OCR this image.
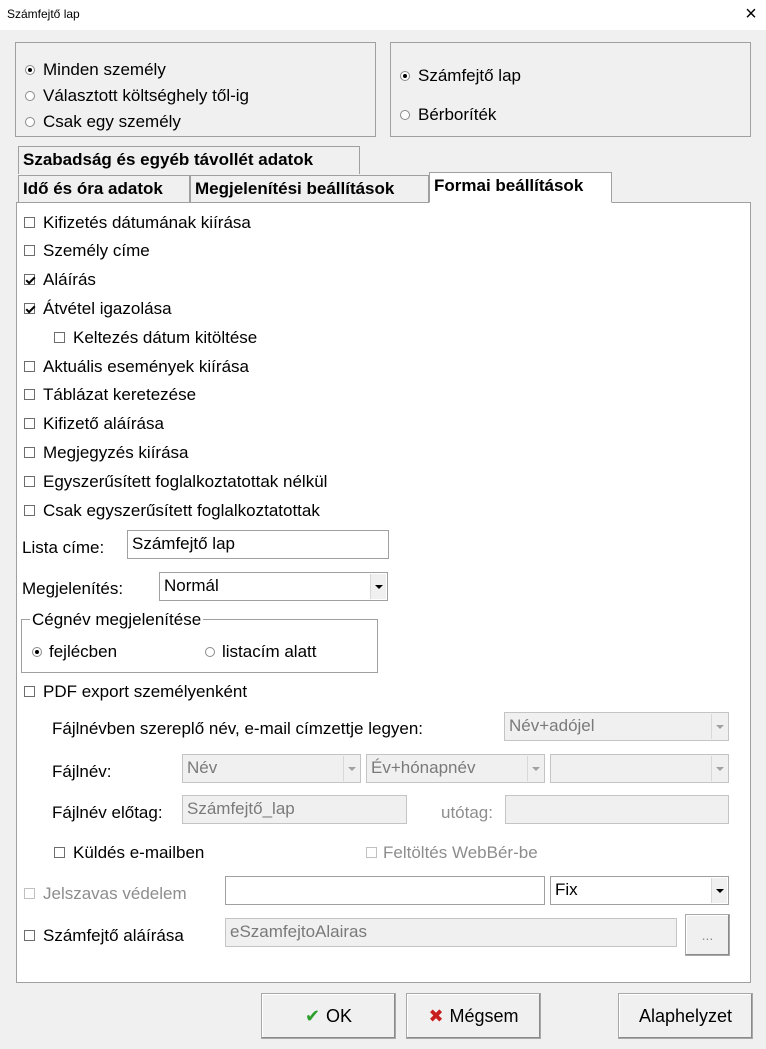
Számfejtő lap	×
Minden személy
Választott költséghely től-ig
Csak egy személy
Számfejtő lap
Bérboríték
Szabadság és egyéb távollét adatok
Idő és óra adatok	Megjelenítési beállítások	Formai beállítások
Kifizetés dátumának kiírása
Személy címe
Aláírás
Átvétel igazolása
Keltezés dátum kitöltése
Aktuális események kiírása
Táblázat keretezése
Kifizető aláírása
Megjegyzés kiírása
Egyszerűsített foglalkoztatottak nélkül
Csak egyszerűsített foglalkoztatottak
Lista címe: Számfejtő lap
Megjelenítés: Normál
Cégnév megjelenítése
fejlécben	listacím alatt
PDF export személyenként
Fájlnévben szereplő név, e-mail címzettje legyen:	Név+adójel
Fájlnév:	Név	Év+hónapnév
Fájlnév előtag: Számfejtő_lap	utótag:
Küldés e-mailben	Feltöltés WebBér-be
Jelszavas védelem	Fix
Számfejtő aláírása	eSzamfejtoAlairas	...
✔ OK	✖ Mégsem	Alaphelyzet
